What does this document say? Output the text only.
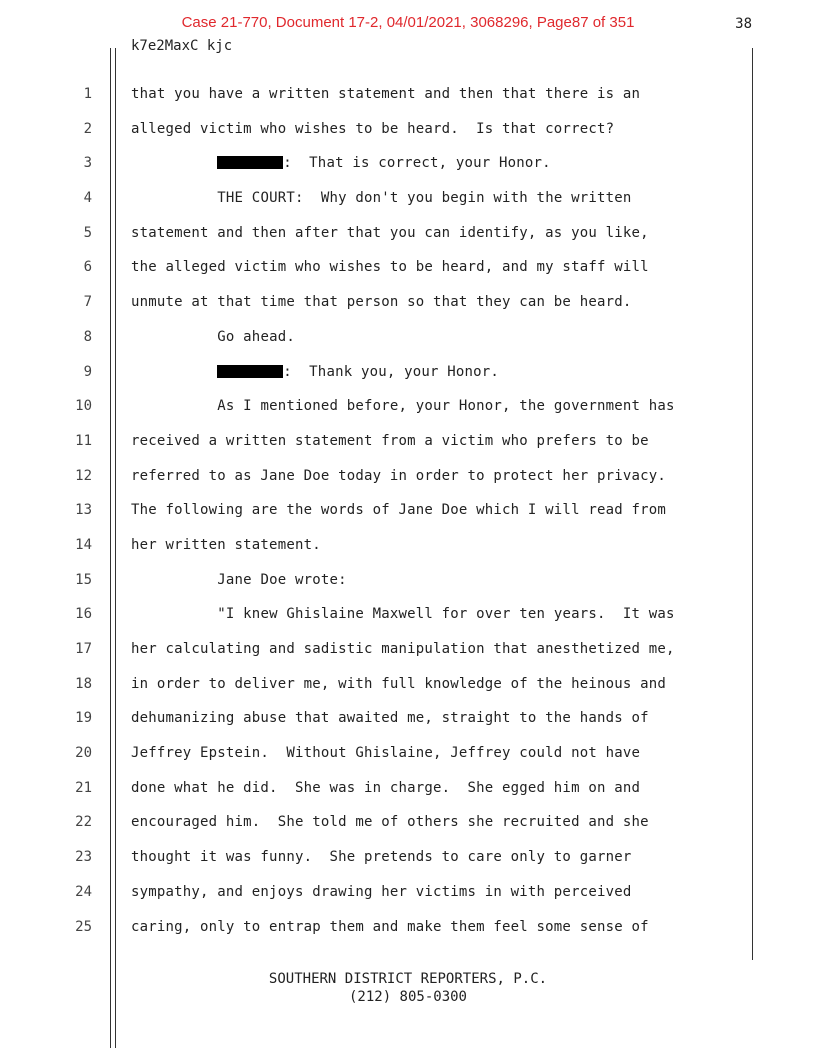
Case 21-770, Document 17-2, 04/01/2021, 3068296, Page87 of 351	38
k7e2MaxC kjc
1	that you have a written statement and then that there is an
2	alleged victim who wishes to be heard.  Is that correct?
3	:  That is correct, your Honor.
4	THE COURT:  Why don't you begin with the written
5	statement and then after that you can identify, as you like,
6	the alleged victim who wishes to be heard, and my staff will
7	unmute at that time that person so that they can be heard.
8	Go ahead.
9	:  Thank you, your Honor.
10	As I mentioned before, your Honor, the government has
11	received a written statement from a victim who prefers to be
12	referred to as Jane Doe today in order to protect her privacy.
13	The following are the words of Jane Doe which I will read from
14	her written statement.
15	Jane Doe wrote:
16	"I knew Ghislaine Maxwell for over ten years.  It was
17	her calculating and sadistic manipulation that anesthetized me,
18	in order to deliver me, with full knowledge of the heinous and
19	dehumanizing abuse that awaited me, straight to the hands of
20	Jeffrey Epstein.  Without Ghislaine, Jeffrey could not have
21	done what he did.  She was in charge.  She egged him on and
22	encouraged him.  She told me of others she recruited and she
23	thought it was funny.  She pretends to care only to garner
24	sympathy, and enjoys drawing her victims in with perceived
25	caring, only to entrap them and make them feel some sense of
SOUTHERN DISTRICT REPORTERS, P.C.
(212) 805-0300
